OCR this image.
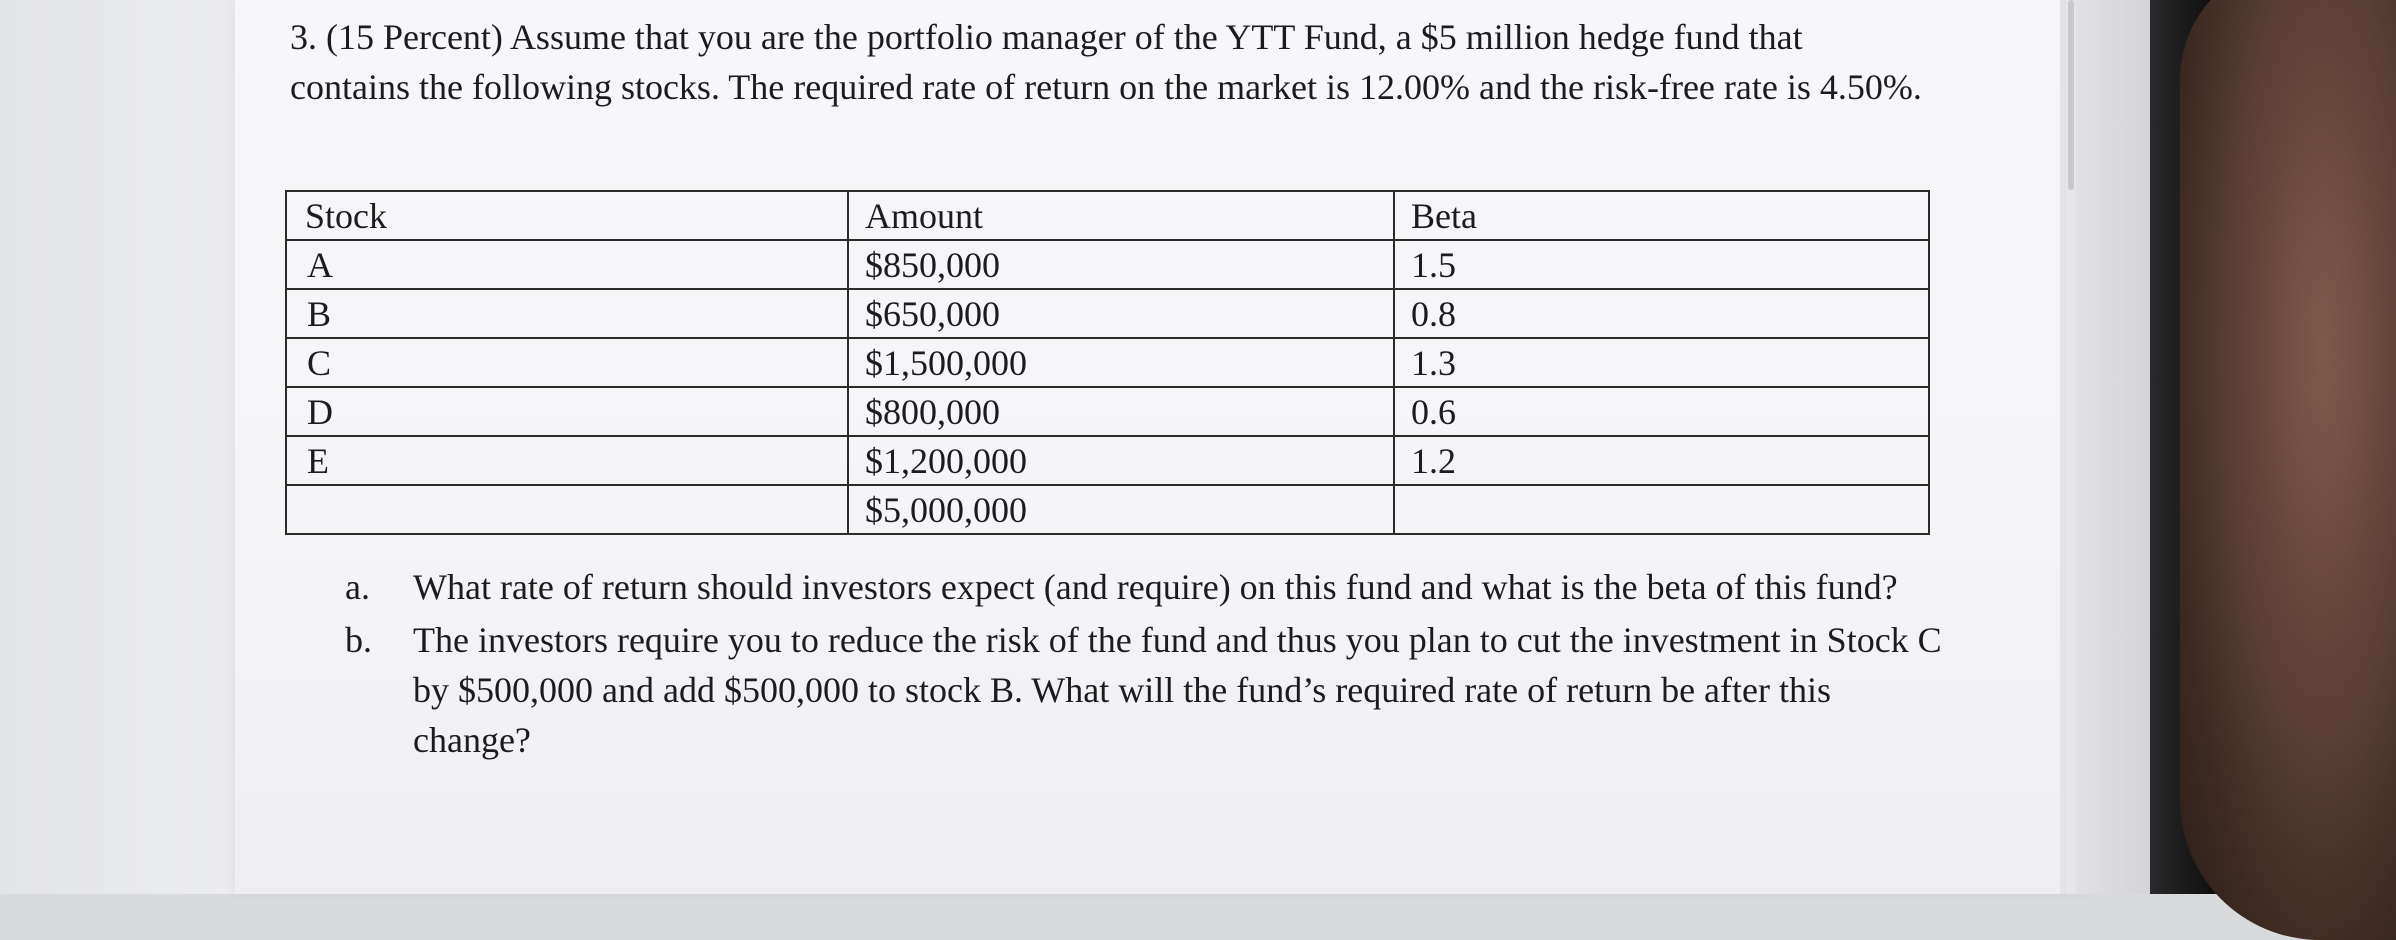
3. (15 Percent) Assume that you are the portfolio manager of the YTT Fund, a $5 million hedge fund that contains the following stocks. The required rate of return on the market is 12.00% and the risk-free rate is 4.50%.

Stock	Amount	Beta
A	$850,000	1.5
B	$650,000	0.8
C	$1,500,000	1.3
D	$800,000	0.6
E	$1,200,000	1.2
	$5,000,000	
a.	What rate of return should investors expect (and require) on this fund and what is the beta of this fund?
b.	The investors require you to reduce the risk of the fund and thus you plan to cut the investment in Stock C by $500,000 and add $500,000 to stock B. What will the fund’s required rate of return be after this change?
